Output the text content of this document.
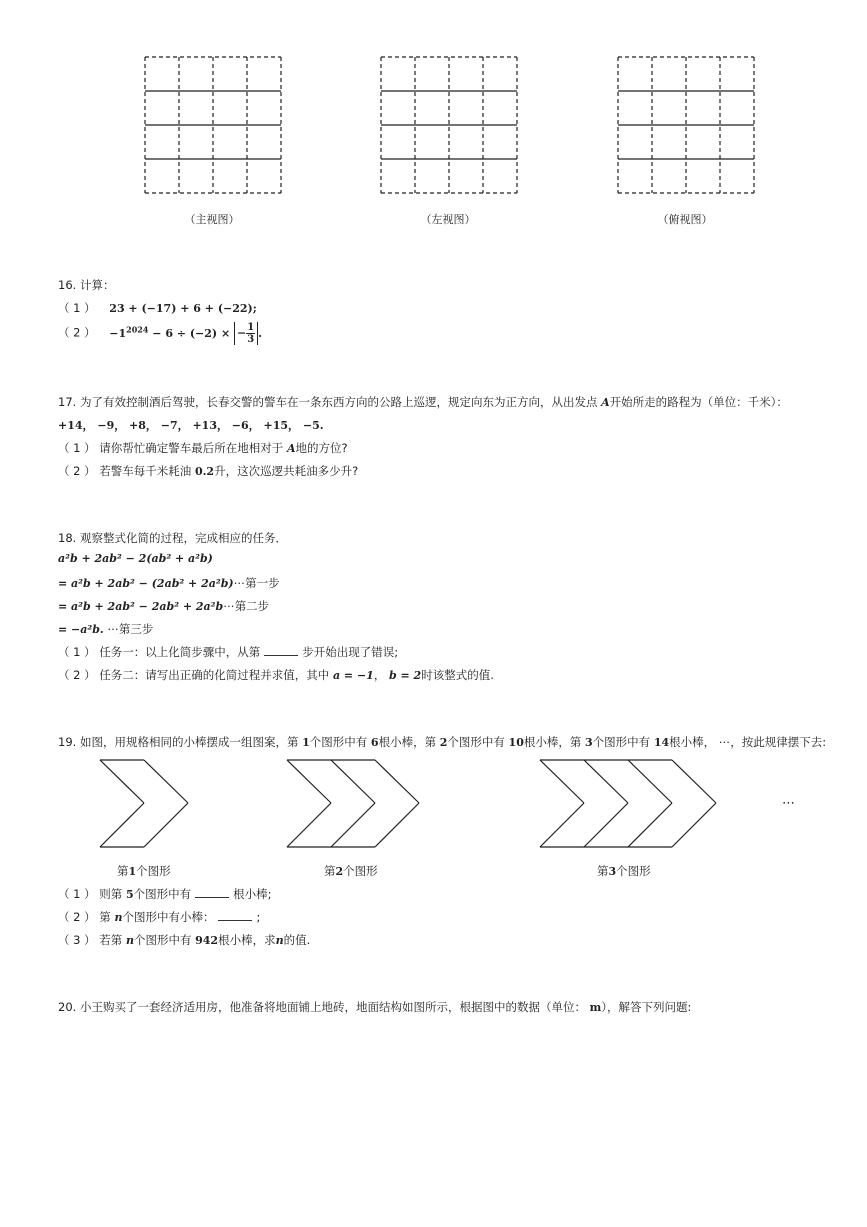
（主视图）	（左视图）	（俯视图）
16. 计算：
（ 1 ） 23 + (−17) + 6 + (−22);
（ 2 ） $-1^{2024} - 6 \div (-2)$ × − $\frac{1}{3}$ .
17. 为了有效控制酒后驾驶，长春交警的警车在一条东西方向的公路上巡逻，规定向东为正方向，从出发点 A开始所走的路程为（单位：千米）：
+14， −9， +8， −7， +13， −6， +15， −5.
（ 1 ） 请你帮忙确定警车最后所在地相对于 A地的方位?
（ 2 ） 若警车每千米耗油 0.2升，这次巡逻共耗油多少升?
18. 观察整式化简的过程，完成相应的任务．
a²b + 2ab² − 2(ab² + a²b)
= a²b + 2ab² − (2ab² + 2a²b)⋯第一步
= a²b + 2ab² − 2ab² + 2a²b⋯第二步
= −a²b. ⋯第三步
（ 1 ） 任务一：以上化简步骤中，从第	步开始出现了错误;
（ 2 ） 任务二：请写出正确的化简过程并求值，其中 a = −1， b = 2时该整式的值.
19. 如图，用规格相同的小棒摆成一组图案，第 1个图形中有 6根小棒，第 2个图形中有 10根小棒，第 3个图形中有 14根小棒， ⋯，按此规律摆下去:
⋯
第1个图形	第2个图形	第3个图形
（ 1 ） 则第 5个图形中有	根小棒;
（ 2 ） 第 n个图形中有小棒：	;
（ 3 ） 若第 n个图形中有 942根小棒，求n的值.
20. 小王购买了一套经济适用房，他准备将地面铺上地砖，地面结构如图所示，根据图中的数据（单位： m），解答下列问题:
